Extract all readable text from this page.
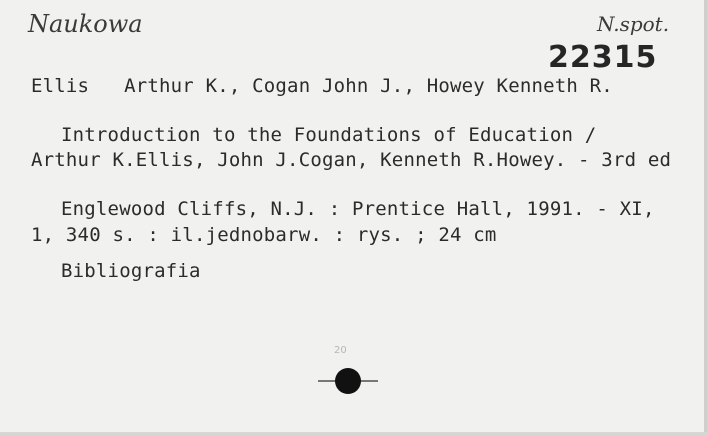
Naukowa	N.spot.
22315
Ellis   Arthur K., Cogan John J., Howey Kenneth R.
Introduction to the Foundations of Education /
Arthur K.Ellis, John J.Cogan, Kenneth R.Howey. - 3rd ed
Englewood Cliffs, N.J. : Prentice Hall, 1991. - XI,
1, 340 s. : il.jednobarw. : rys. ; 24 cm
Bibliografia
20
